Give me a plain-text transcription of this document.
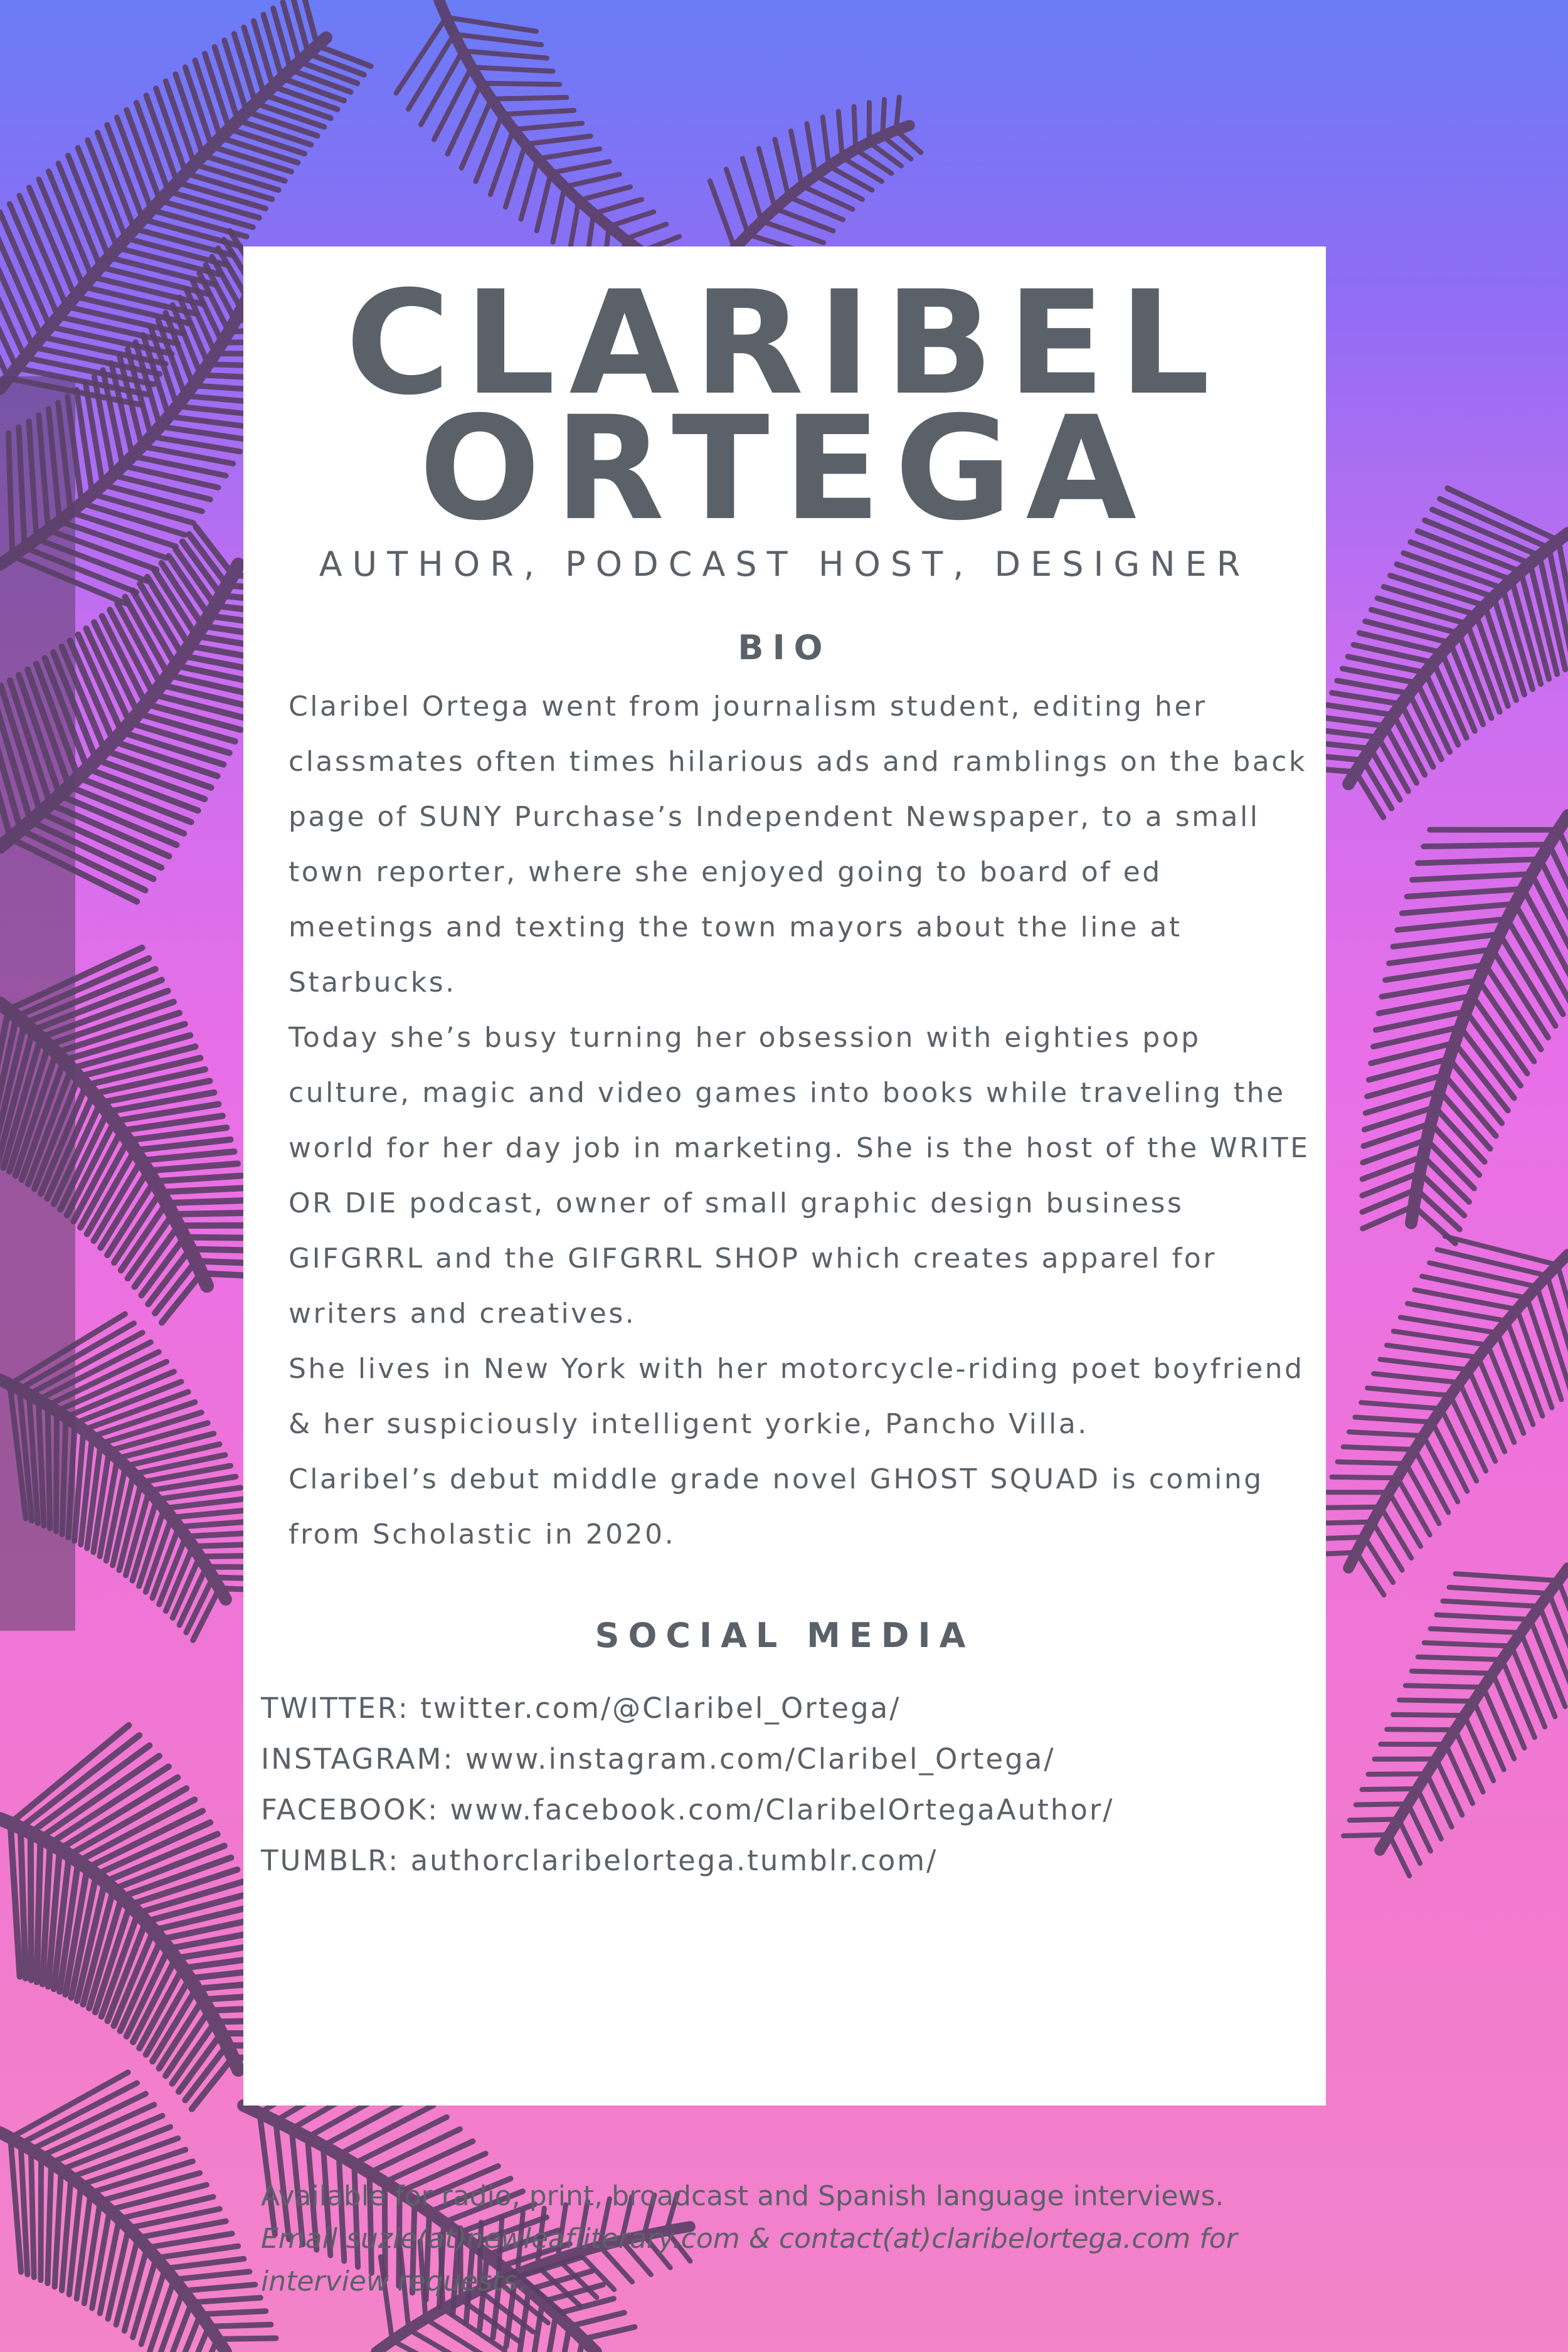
CLARIBEL
ORTEGA
AUTHOR, PODCAST HOST, DESIGNER
BIO

Claribel Ortega went from journalism student, editing her classmates often times hilarious ads and ramblings on the back page of SUNY Purchase’s Independent Newspaper, to a small town reporter, where she enjoyed going to board of ed meetings and texting the town mayors about the line at Starbucks.

Today she’s busy turning her obsession with eighties pop culture, magic and video games into books while traveling the world for her day job in marketing. She is the host of the WRITE OR DIE podcast, owner of small graphic design business GIFGRRL and the GIFGRRL SHOP which creates apparel for writers and creatives.

She lives in New York with her motorcycle-riding poet boyfriend & her suspiciously intelligent yorkie, Pancho Villa.

Claribel’s debut middle grade novel GHOST SQUAD is coming from Scholastic in 2020.

SOCIAL MEDIA
TWITTER: twitter.com/@Claribel_Ortega/
INSTAGRAM: www.instagram.com/Claribel_Ortega/
FACEBOOK: www.facebook.com/ClaribelOrtegaAuthor/
TUMBLR: authorclaribelortega.tumblr.com/
Available for radio, print, broadcast and Spanish language interviews.
Email suzie(at)newleafliterary.com & contact(at)claribelortega.com for
interview requests.
